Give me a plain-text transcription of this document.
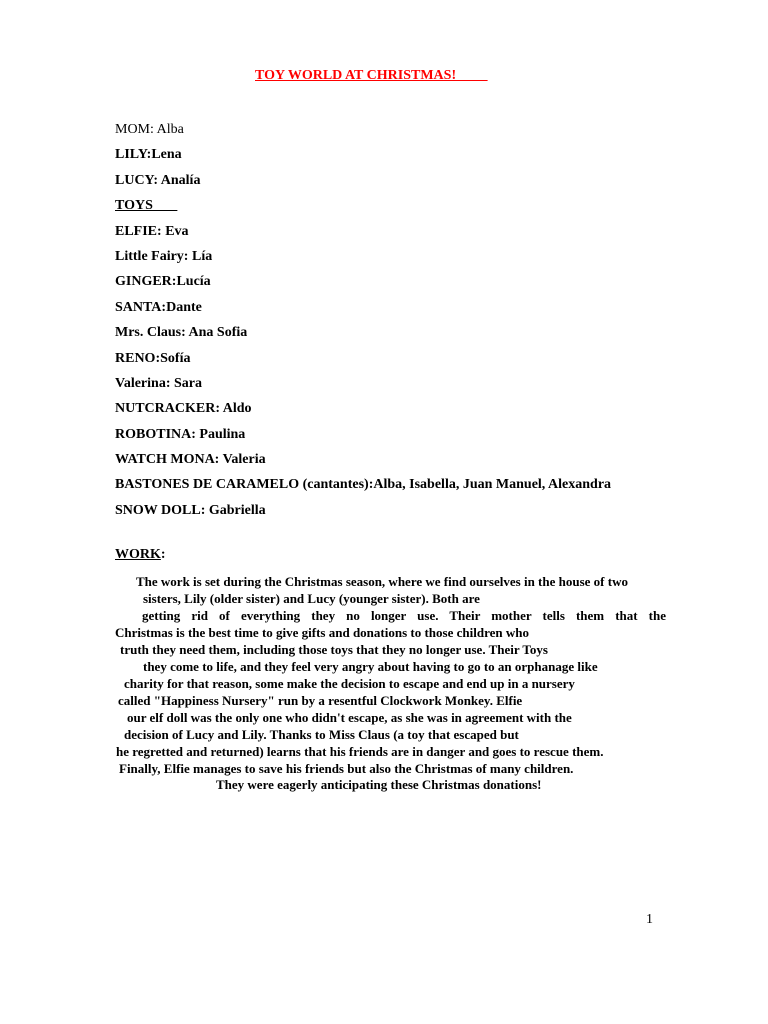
TOY WORLD AT CHRISTMAS!
MOM: Alba
LILY:Lena
LUCY: Analía
TOYS
ELFIE: Eva
Little Fairy: Lía
GINGER:Lucía
SANTA:Dante
Mrs. Claus: Ana Sofia
RENO:Sofía
Valerina: Sara
NUTCRACKER: Aldo
ROBOTINA: Paulina
WATCH MONA: Valeria
BASTONES DE CARAMELO (cantantes):Alba, Isabella, Juan Manuel, Alexandra
SNOW DOLL: Gabriella
WORK:
The work is set during the Christmas season, where we find ourselves in the house of two
sisters, Lily (older sister) and Lucy (younger sister). Both are
getting rid of everything they no longer use. Their mother tells them that the
Christmas is the best time to give gifts and donations to those children who
truth they need them, including those toys that they no longer use. Their Toys
they come to life, and they feel very angry about having to go to an orphanage like
charity for that reason, some make the decision to escape and end up in a nursery
called "Happiness Nursery" run by a resentful Clockwork Monkey. Elfie
our elf doll was the only one who didn't escape, as she was in agreement with the
decision of Lucy and Lily. Thanks to Miss Claus (a toy that escaped but
he regretted and returned) learns that his friends are in danger and goes to rescue them.
Finally, Elfie manages to save his friends but also the Christmas of many children.
They were eagerly anticipating these Christmas donations!
1
